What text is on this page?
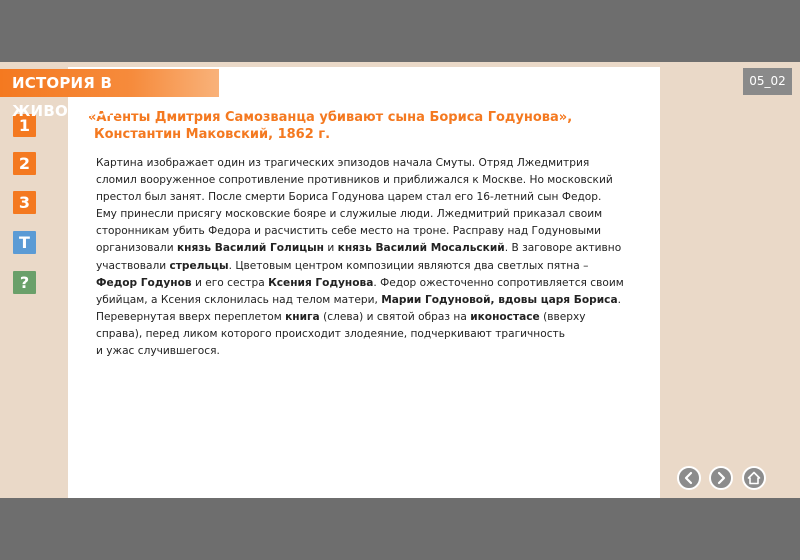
1
2
3
T
?
«Агенты Дмитрия Самозванца убивают сына Бориса Годунова»,
Константин Маковский, 1862 г.
Картина изображает один из трагических эпизодов начала Смуты. Отряд Лжедмитрия
сломил вооруженное сопротивление противников и приближался к Москве. Но московский
престол был занят. После смерти Бориса Годунова царем стал его 16-летний сын Федор.
Ему принесли присягу московские бояре и служилые люди. Лжедмитрий приказал своим
сторонникам убить Федора и расчистить себе место на троне. Расправу над Годуновыми
организовали князь Василий Голицын и князь Василий Мосальский. В заговоре активно
участвовали стрельцы. Цветовым центром композиции являются два светлых пятна –
Федор Годунов и его сестра Ксения Годунова. Федор ожесточенно сопротивляется своим
убийцам, а Ксения склонилась над телом матери, Марии Годуновой, вдовы царя Бориса.
Перевернутая вверх переплетом книга (слева) и святой образ на иконостасе (вверху
справа), перед ликом которого происходит злодеяние, подчеркивают трагичность
и ужас случившегося.
ИСТОРИЯ В ЖИВОПИСИ
05_02
